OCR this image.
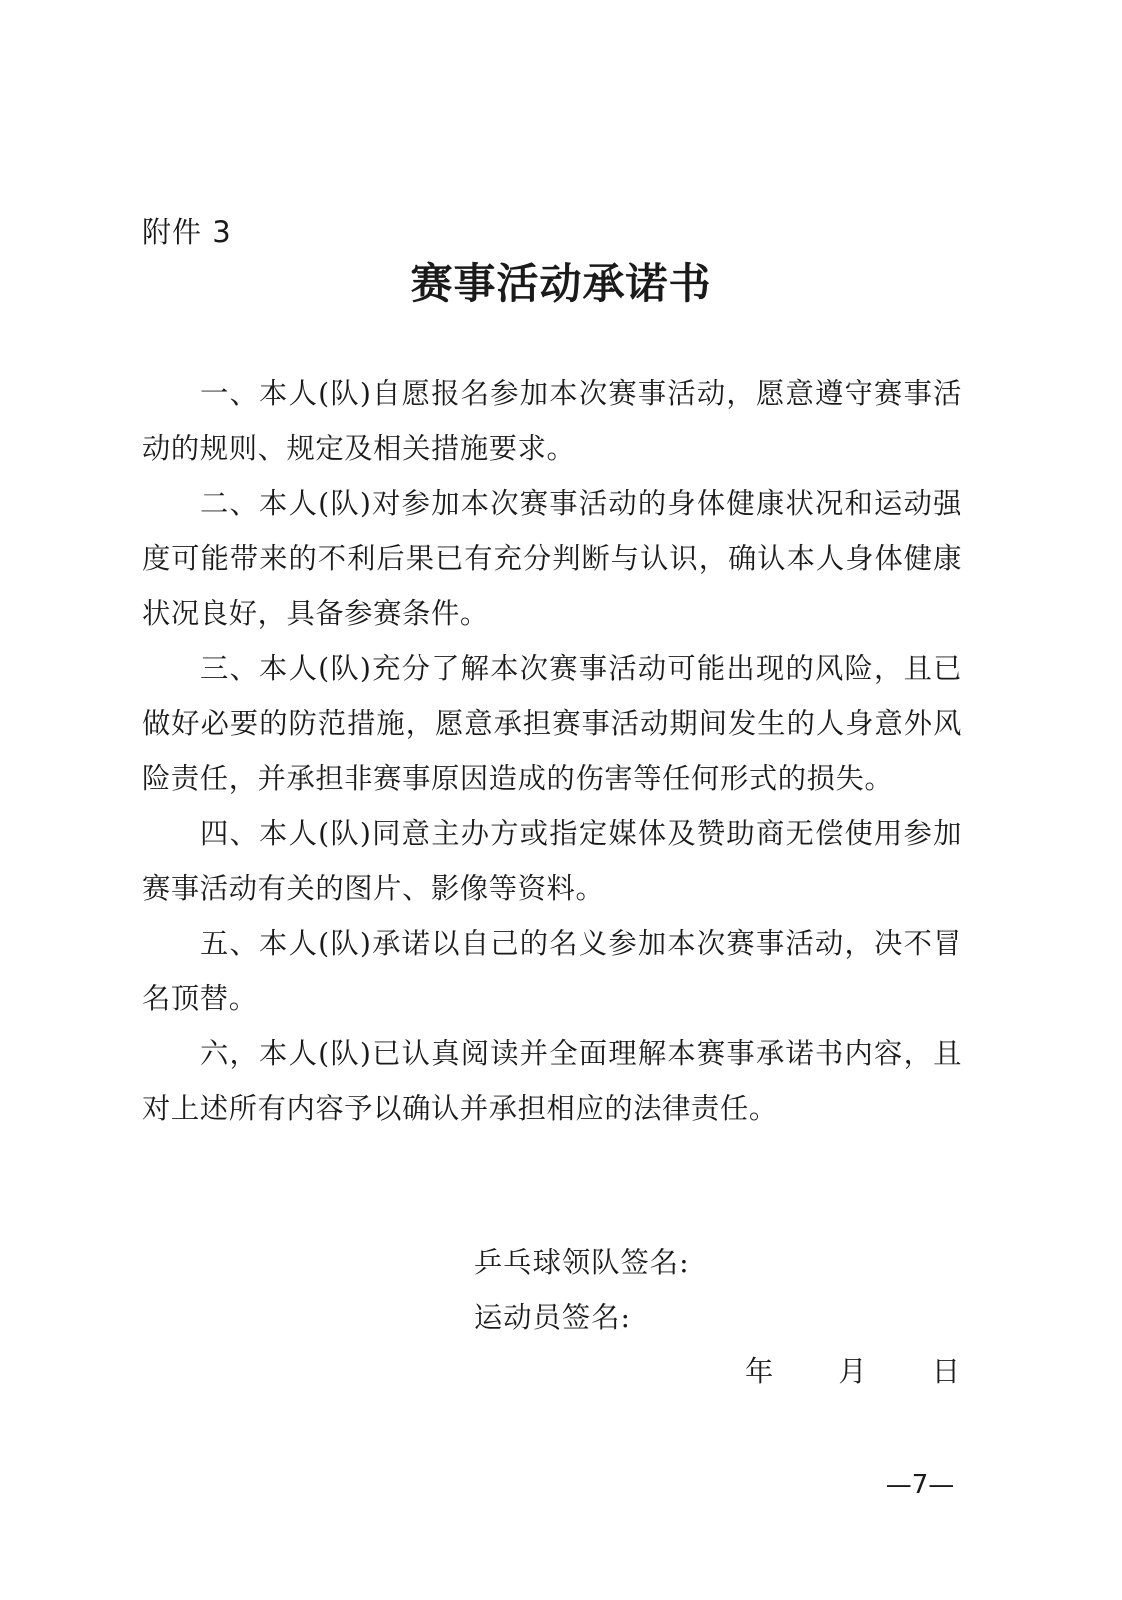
附件 3
赛事活动承诺书

一、本人(队)自愿报名参加本次赛事活动，愿意遵守赛事活动的规则、规定及相关措施要求。

二、本人(队)对参加本次赛事活动的身体健康状况和运动强度可能带来的不利后果已有充分判断与认识，确认本人身体健康状况良好，具备参赛条件。

三、本人(队)充分了解本次赛事活动可能出现的风险，且已做好必要的防范措施，愿意承担赛事活动期间发生的人身意外风险责任，并承担非赛事原因造成的伤害等任何形式的损失。

四、本人(队)同意主办方或指定媒体及赞助商无偿使用参加赛事活动有关的图片、影像等资料。

五、本人(队)承诺以自己的名义参加本次赛事活动，决不冒名顶替。

六，本人(队)已认真阅读并全面理解本赛事承诺书内容，且对上述所有内容予以确认并承担相应的法律责任。

乒乓球领队签名:

运动员签名:

年 月 日
—7—
